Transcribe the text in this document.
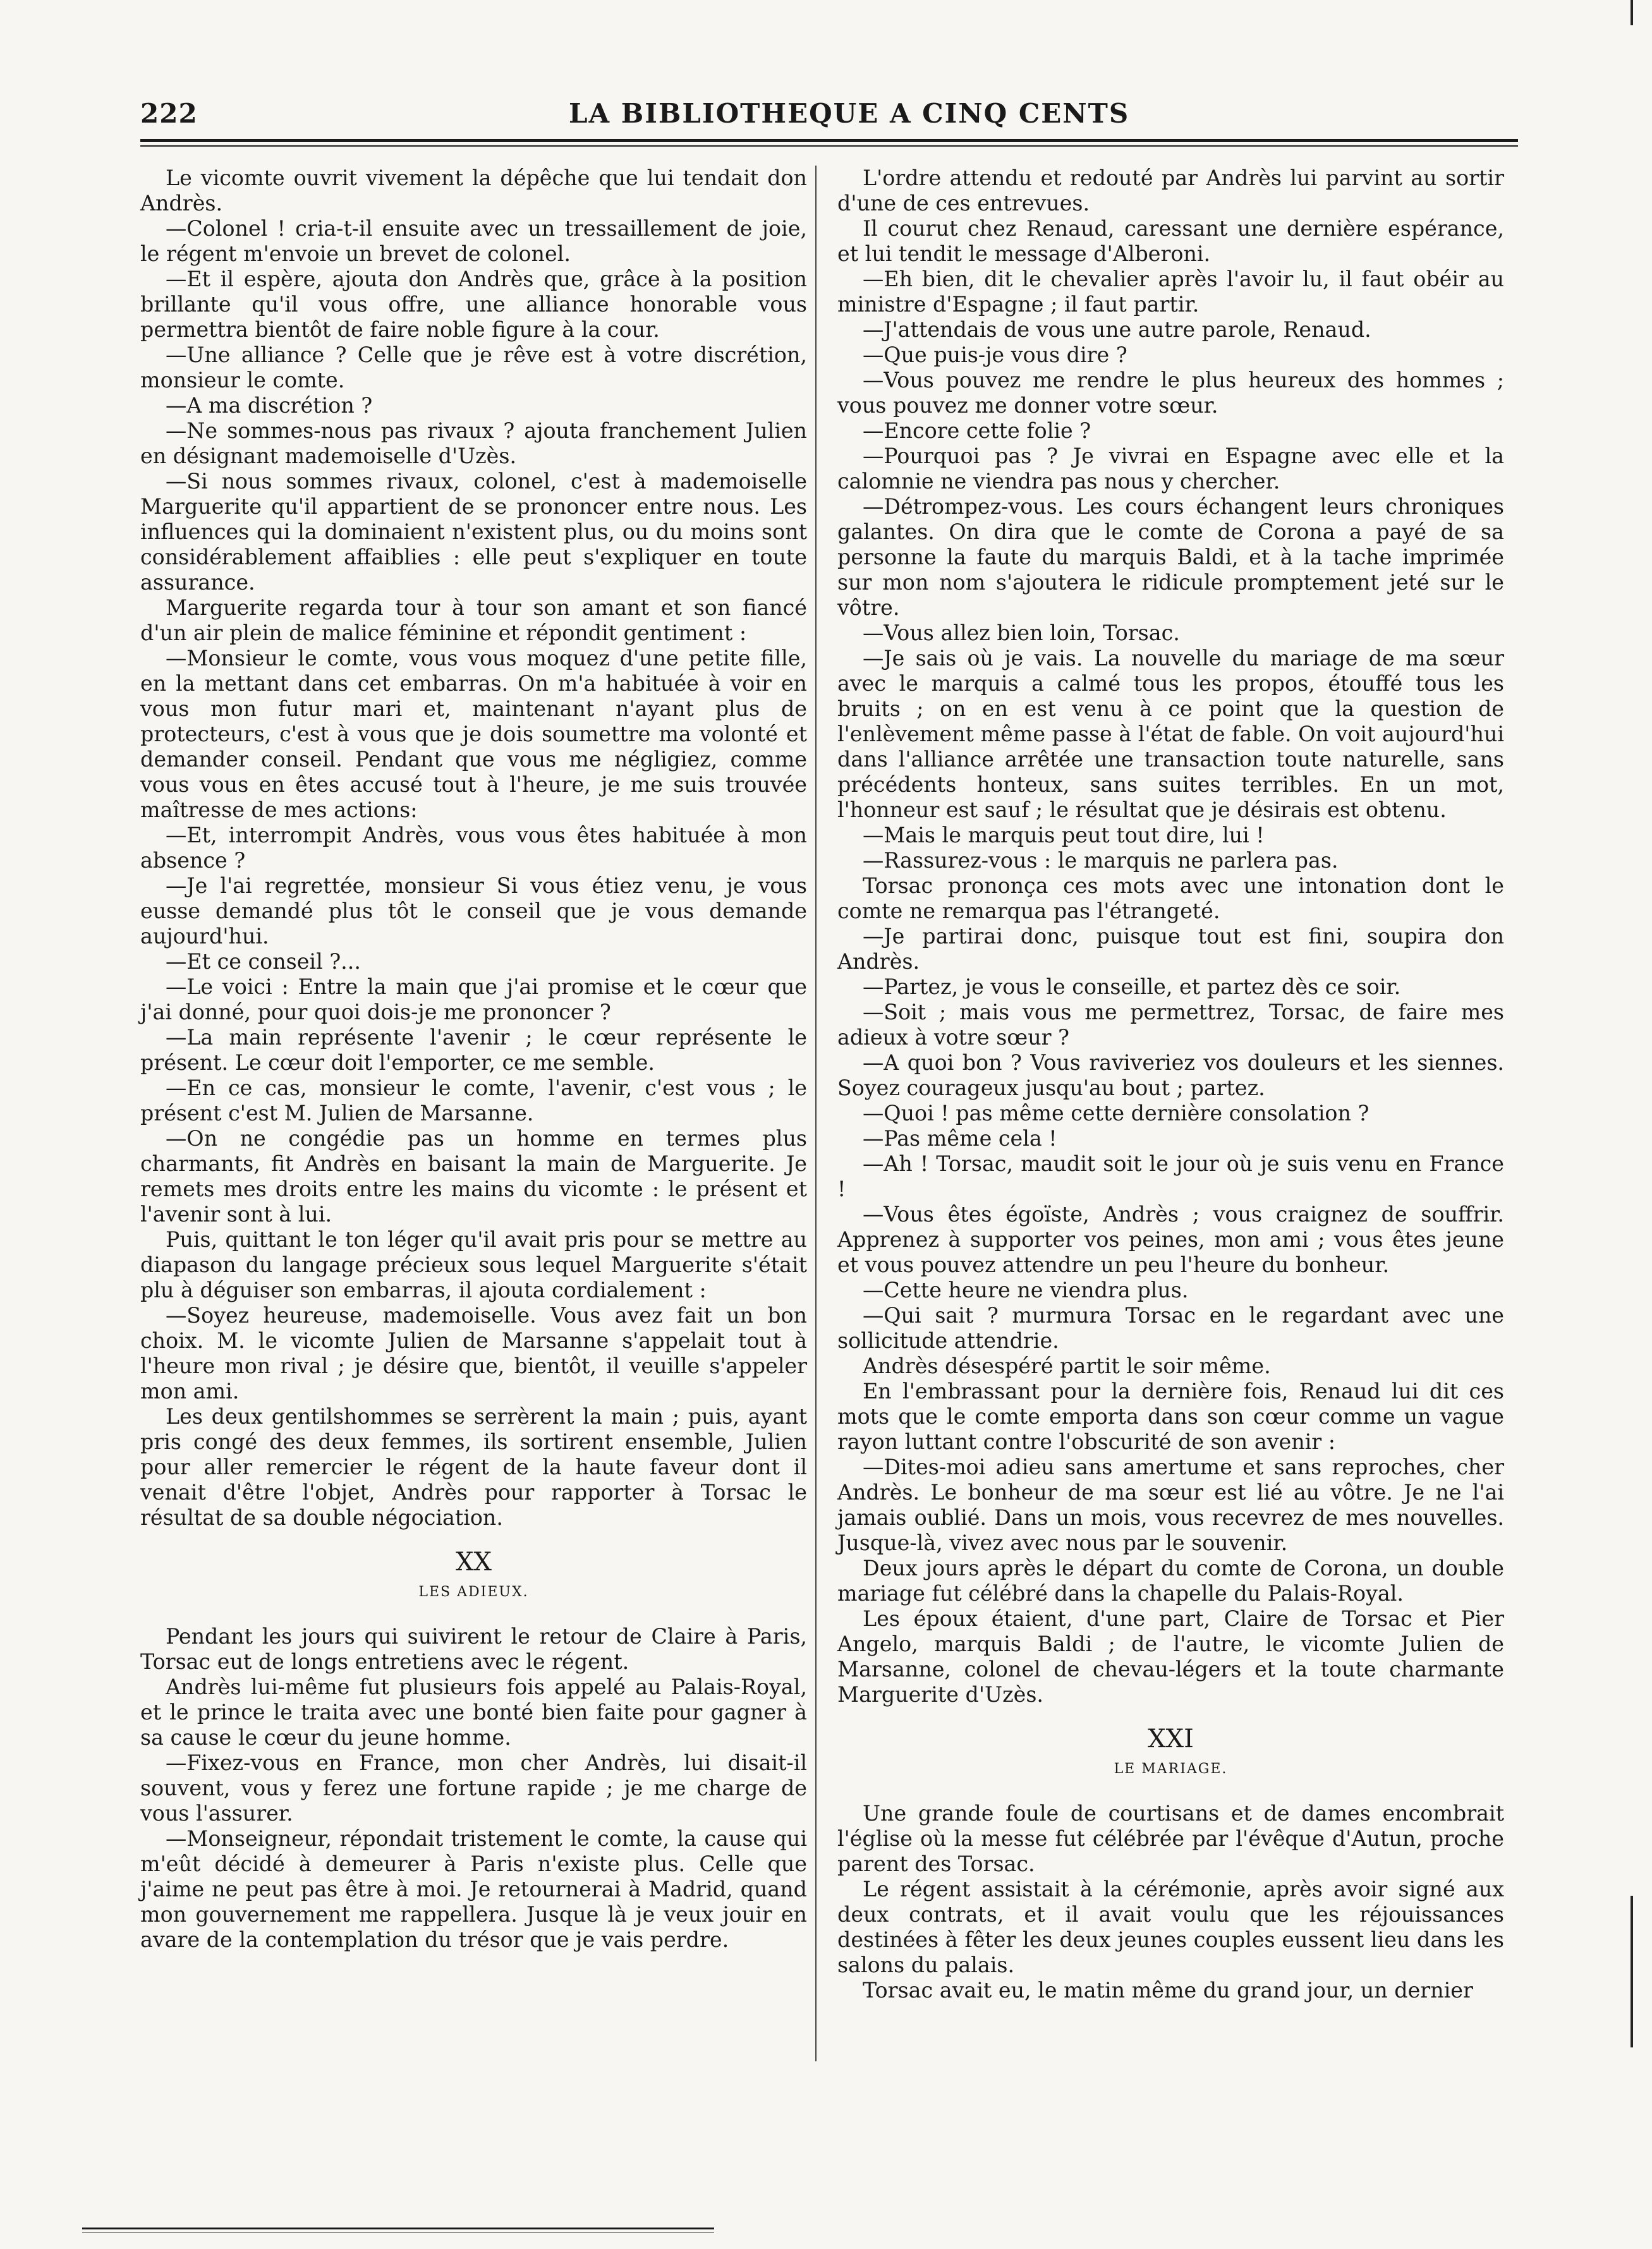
222	LA BIBLIOTHEQUE A CINQ CENTS

Le vicomte ouvrit vivement la dépêche que lui tendait don Andrès.

—Colonel ! cria-t-il ensuite avec un tressaillement de joie, le régent m'envoie un brevet de colonel.

—Et il espère, ajouta don Andrès que, grâce à la position brillante qu'il vous offre, une alliance honorable vous permettra bientôt de faire noble figure à la cour.

—Une alliance ? Celle que je rêve est à votre discrétion, monsieur le comte.

—A ma discrétion ?

—Ne sommes-nous pas rivaux ? ajouta franchement Julien en désignant mademoiselle d'Uzès.

—Si nous sommes rivaux, colonel, c'est à mademoiselle Marguerite qu'il appartient de se prononcer entre nous. Les influences qui la dominaient n'existent plus, ou du moins sont considérablement affaiblies : elle peut s'expliquer en toute assurance.

Marguerite regarda tour à tour son amant et son fiancé d'un air plein de malice féminine et répondit gentiment :

—Monsieur le comte, vous vous moquez d'une petite fille, en la mettant dans cet embarras. On m'a habituée à voir en vous mon futur mari et, maintenant n'ayant plus de protecteurs, c'est à vous que je dois soumettre ma volonté et demander conseil. Pendant que vous me négligiez, comme vous vous en êtes accusé tout à l'heure, je me suis trouvée maîtresse de mes actions:

—Et, interrompit Andrès, vous vous êtes habituée à mon absence ?

—Je l'ai regrettée, monsieur Si vous étiez venu, je vous eusse demandé plus tôt le conseil que je vous demande aujourd'hui.

—Et ce conseil ?...

—Le voici : Entre la main que j'ai promise et le cœur que j'ai donné, pour quoi dois-je me prononcer ?

—La main représente l'avenir ; le cœur représente le présent. Le cœur doit l'emporter, ce me semble.

—En ce cas, monsieur le comte, l'avenir, c'est vous ; le présent c'est M. Julien de Marsanne.

—On ne congédie pas un homme en termes plus charmants, fit Andrès en baisant la main de Marguerite. Je remets mes droits entre les mains du vicomte : le présent et l'avenir sont à lui.

Puis, quittant le ton léger qu'il avait pris pour se mettre au diapason du langage précieux sous lequel Marguerite s'était plu à déguiser son embarras, il ajouta cordialement :

—Soyez heureuse, mademoiselle. Vous avez fait un bon choix. M. le vicomte Julien de Marsanne s'appelait tout à l'heure mon rival ; je désire que, bientôt, il veuille s'appeler mon ami.

Les deux gentilshommes se serrèrent la main ; puis, ayant pris congé des deux femmes, ils sortirent ensemble, Julien pour aller remercier le régent de la haute faveur dont il venait d'être l'objet, Andrès pour rapporter à Torsac le résultat de sa double négociation.

XX
LES ADIEUX.

Pendant les jours qui suivirent le retour de Claire à Paris, Torsac eut de longs entretiens avec le régent.

Andrès lui-même fut plusieurs fois appelé au Palais-Royal, et le prince le traita avec une bonté bien faite pour gagner à sa cause le cœur du jeune homme.

—Fixez-vous en France, mon cher Andrès, lui disait-il souvent, vous y ferez une fortune rapide ; je me charge de vous l'assurer.

—Monseigneur, répondait tristement le comte, la cause qui m'eût décidé à demeurer à Paris n'existe plus. Celle que j'aime ne peut pas être à moi. Je retournerai à Madrid, quand mon gouvernement me rappellera. Jusque là je veux jouir en avare de la contemplation du trésor que je vais perdre.

L'ordre attendu et redouté par Andrès lui parvint au sortir d'une de ces entrevues.

Il courut chez Renaud, caressant une dernière espérance, et lui tendit le message d'Alberoni.

—Eh bien, dit le chevalier après l'avoir lu, il faut obéir au ministre d'Espagne ; il faut partir.

—J'attendais de vous une autre parole, Renaud.

—Que puis-je vous dire ?

—Vous pouvez me rendre le plus heureux des hommes ; vous pouvez me donner votre sœur.

—Encore cette folie ?

—Pourquoi pas ? Je vivrai en Espagne avec elle et la calomnie ne viendra pas nous y chercher.

—Détrompez-vous. Les cours échangent leurs chroniques galantes. On dira que le comte de Corona a payé de sa personne la faute du marquis Baldi, et à la tache imprimée sur mon nom s'ajoutera le ridicule promptement jeté sur le vôtre.

—Vous allez bien loin, Torsac.

—Je sais où je vais. La nouvelle du mariage de ma sœur avec le marquis a calmé tous les propos, étouffé tous les bruits ; on en est venu à ce point que la question de l'enlèvement même passe à l'état de fable. On voit aujourd'hui dans l'alliance arrêtée une transaction toute naturelle, sans précédents honteux, sans suites terribles. En un mot, l'honneur est sauf ; le résultat que je désirais est obtenu.

—Mais le marquis peut tout dire, lui !

—Rassurez-vous : le marquis ne parlera pas.

Torsac prononça ces mots avec une intonation dont le comte ne remarqua pas l'étrangeté.

—Je partirai donc, puisque tout est fini, soupira don Andrès.

—Partez, je vous le conseille, et partez dès ce soir.

—Soit ; mais vous me permettrez, Torsac, de faire mes adieux à votre sœur ?

—A quoi bon ? Vous raviveriez vos douleurs et les siennes. Soyez courageux jusqu'au bout ; partez.

—Quoi ! pas même cette dernière consolation ?

—Pas même cela !

—Ah ! Torsac, maudit soit le jour où je suis venu en France !

—Vous êtes égoïste, Andrès ; vous craignez de souffrir. Apprenez à supporter vos peines, mon ami ; vous êtes jeune et vous pouvez attendre un peu l'heure du bonheur.

—Cette heure ne viendra plus.

—Qui sait ? murmura Torsac en le regardant avec une sollicitude attendrie.

Andrès désespéré partit le soir même.

En l'embrassant pour la dernière fois, Renaud lui dit ces mots que le comte emporta dans son cœur comme un vague rayon luttant contre l'obscurité de son avenir :

—Dites-moi adieu sans amertume et sans reproches, cher Andrès. Le bonheur de ma sœur est lié au vôtre. Je ne l'ai jamais oublié. Dans un mois, vous recevrez de mes nouvelles. Jusque-là, vivez avec nous par le souvenir.

Deux jours après le départ du comte de Corona, un double mariage fut célébré dans la chapelle du Palais-Royal.

Les époux étaient, d'une part, Claire de Torsac et Pier Angelo, marquis Baldi ; de l'autre, le vicomte Julien de Marsanne, colonel de chevau-légers et la toute charmante Marguerite d'Uzès.

XXI
LE MARIAGE.

Une grande foule de courtisans et de dames encombrait l'église où la messe fut célébrée par l'évêque d'Autun, proche parent des Torsac.

Le régent assistait à la cérémonie, après avoir signé aux deux contrats, et il avait voulu que les réjouissances destinées à fêter les deux jeunes couples eussent lieu dans les salons du palais.

Torsac avait eu, le matin même du grand jour, un dernier
